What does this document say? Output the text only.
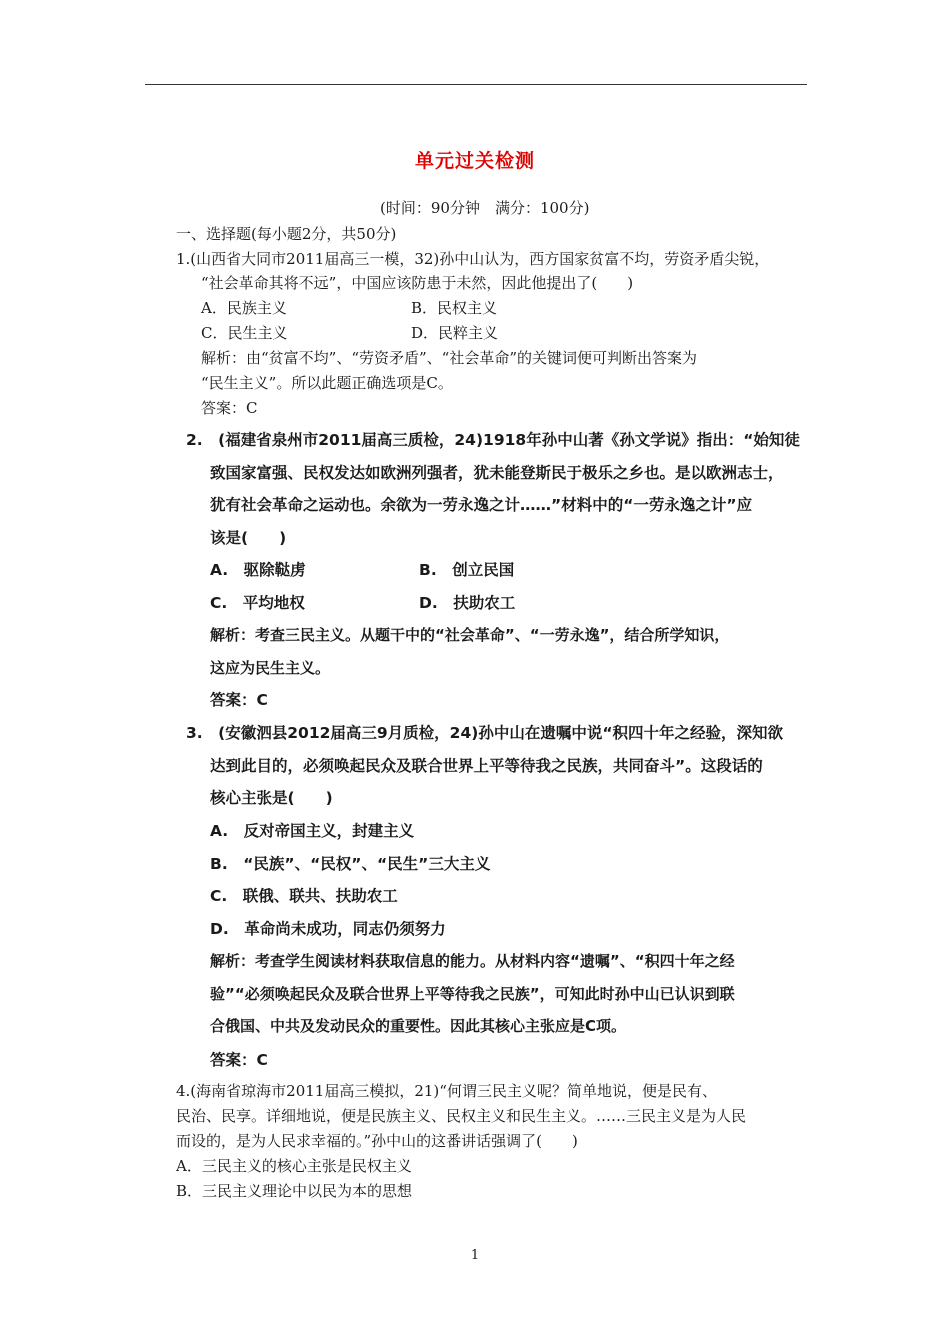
单元过关检测
(时间：90分钟　满分：100分)
一、选择题(每小题2分，共50分)
1.(山西省大同市2011届高三一模，32)孙中山认为，西方国家贫富不均，劳资矛盾尖锐，
“社会革命其将不远”，中国应该防患于未然，因此他提出了(　　)
A．民族主义	B．民权主义
C．民生主义	D．民粹主义
解析：由“贫富不均”、“劳资矛盾”、“社会革命”的关键词便可判断出答案为
“民生主义”。所以此题正确选项是C。
答案：C
2.　(福建省泉州市2011届高三质检，24)1918年孙中山著《孙文学说》指出：“始知徒
致国家富强、民权发达如欧洲列强者，犹未能登斯民于极乐之乡也。是以欧洲志士，
犹有社会革命之运动也。余欲为一劳永逸之计……”材料中的“一劳永逸之计”应
该是(　　)
A.　驱除鞑虏	B.　创立民国
C.　平均地权	D.　扶助农工
解析：考查三民主义。从题干中的“社会革命”、“一劳永逸”，结合所学知识，
这应为民生主义。
答案：C
3.　(安徽泗县2012届高三9月质检，24)孙中山在遗嘱中说“积四十年之经验，深知欲
达到此目的，必须唤起民众及联合世界上平等待我之民族，共同奋斗”。这段话的
核心主张是(　　)
A.　反对帝国主义，封建主义
B.　“民族”、“民权”、“民生”三大主义
C.　联俄、联共、扶助农工
D.　革命尚未成功，同志仍须努力
解析：考查学生阅读材料获取信息的能力。从材料内容“遗嘱”、“积四十年之经
验”“必须唤起民众及联合世界上平等待我之民族”，可知此时孙中山已认识到联
合俄国、中共及发动民众的重要性。因此其核心主张应是C项。
答案：C
4.(海南省琼海市2011届高三模拟，21)“何谓三民主义呢？简单地说，便是民有、
民治、民享。详细地说，便是民族主义、民权主义和民生主义。……三民主义是为人民
而设的，是为人民求幸福的。”孙中山的这番讲话强调了(　　)
A．三民主义的核心主张是民权主义
B．三民主义理论中以民为本的思想
1
